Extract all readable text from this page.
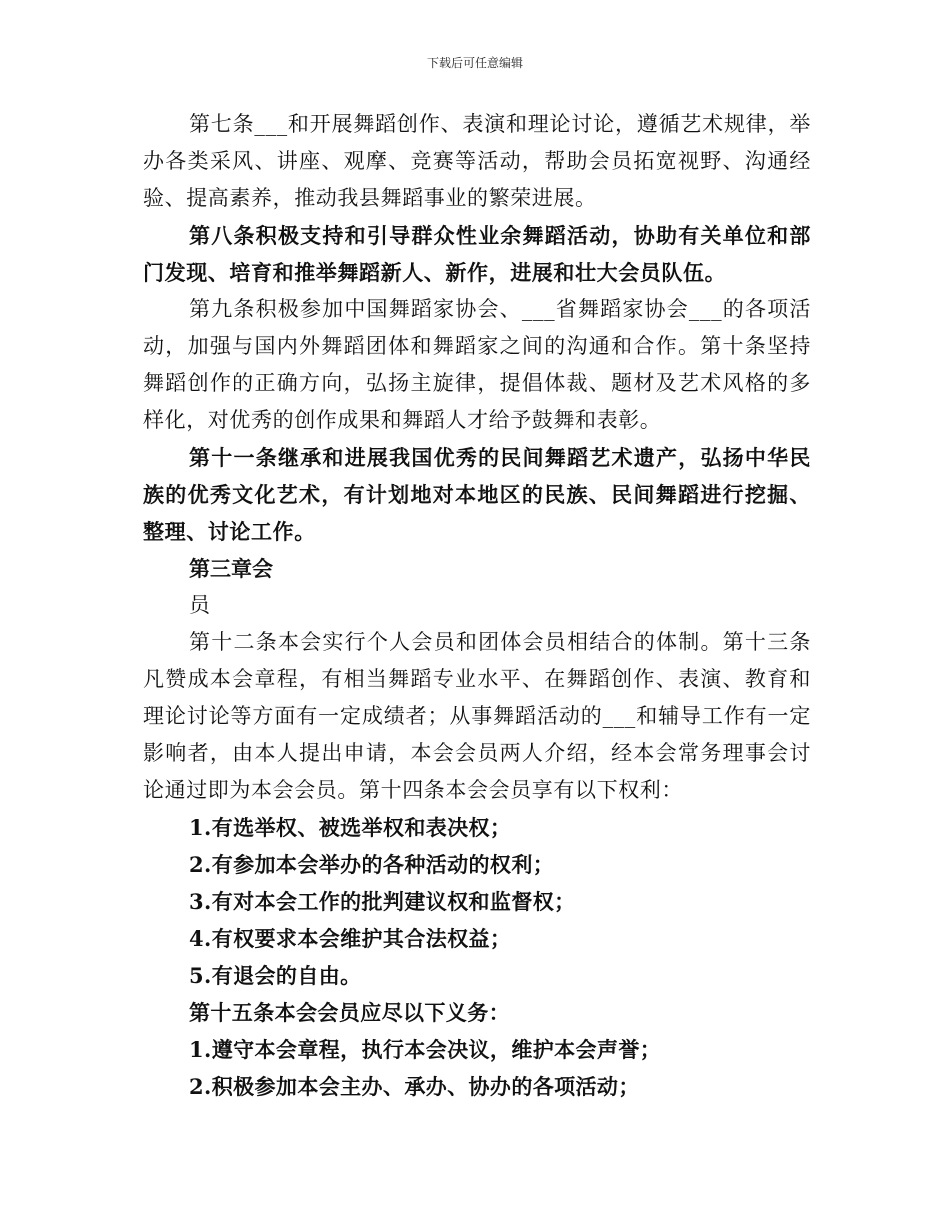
下载后可任意编辑

第七条___和开展舞蹈创作、表演和理论讨论，遵循艺术规律，举办各类采风、讲座、观摩、竞赛等活动，帮助会员拓宽视野、沟通经验、提高素养，推动我县舞蹈事业的繁荣进展。

第八条积极支持和引导群众性业余舞蹈活动，协助有关单位和部门发现、培育和推举舞蹈新人、新作，进展和壮大会员队伍。

第九条积极参加中国舞蹈家协会、___省舞蹈家协会___的各项活动，加强与国内外舞蹈团体和舞蹈家之间的沟通和合作。第十条坚持舞蹈创作的正确方向，弘扬主旋律，提倡体裁、题材及艺术风格的多样化，对优秀的创作成果和舞蹈人才给予鼓舞和表彰。

第十一条继承和进展我国优秀的民间舞蹈艺术遗产，弘扬中华民族的优秀文化艺术，有计划地对本地区的民族、民间舞蹈进行挖掘、整理、讨论工作。

第三章会

员

第十二条本会实行个人会员和团体会员相结合的体制。第十三条凡赞成本会章程，有相当舞蹈专业水平、在舞蹈创作、表演、教育和理论讨论等方面有一定成绩者；从事舞蹈活动的___和辅导工作有一定影响者，由本人提出申请，本会会员两人介绍，经本会常务理事会讨论通过即为本会会员。第十四条本会会员享有以下权利：

1.有选举权、被选举权和表决权；

2.有参加本会举办的各种活动的权利；

3.有对本会工作的批判建议权和监督权；

4.有权要求本会维护其合法权益；

5.有退会的自由。

第十五条本会会员应尽以下义务：

1.遵守本会章程，执行本会决议，维护本会声誉；

2.积极参加本会主办、承办、协办的各项活动；
